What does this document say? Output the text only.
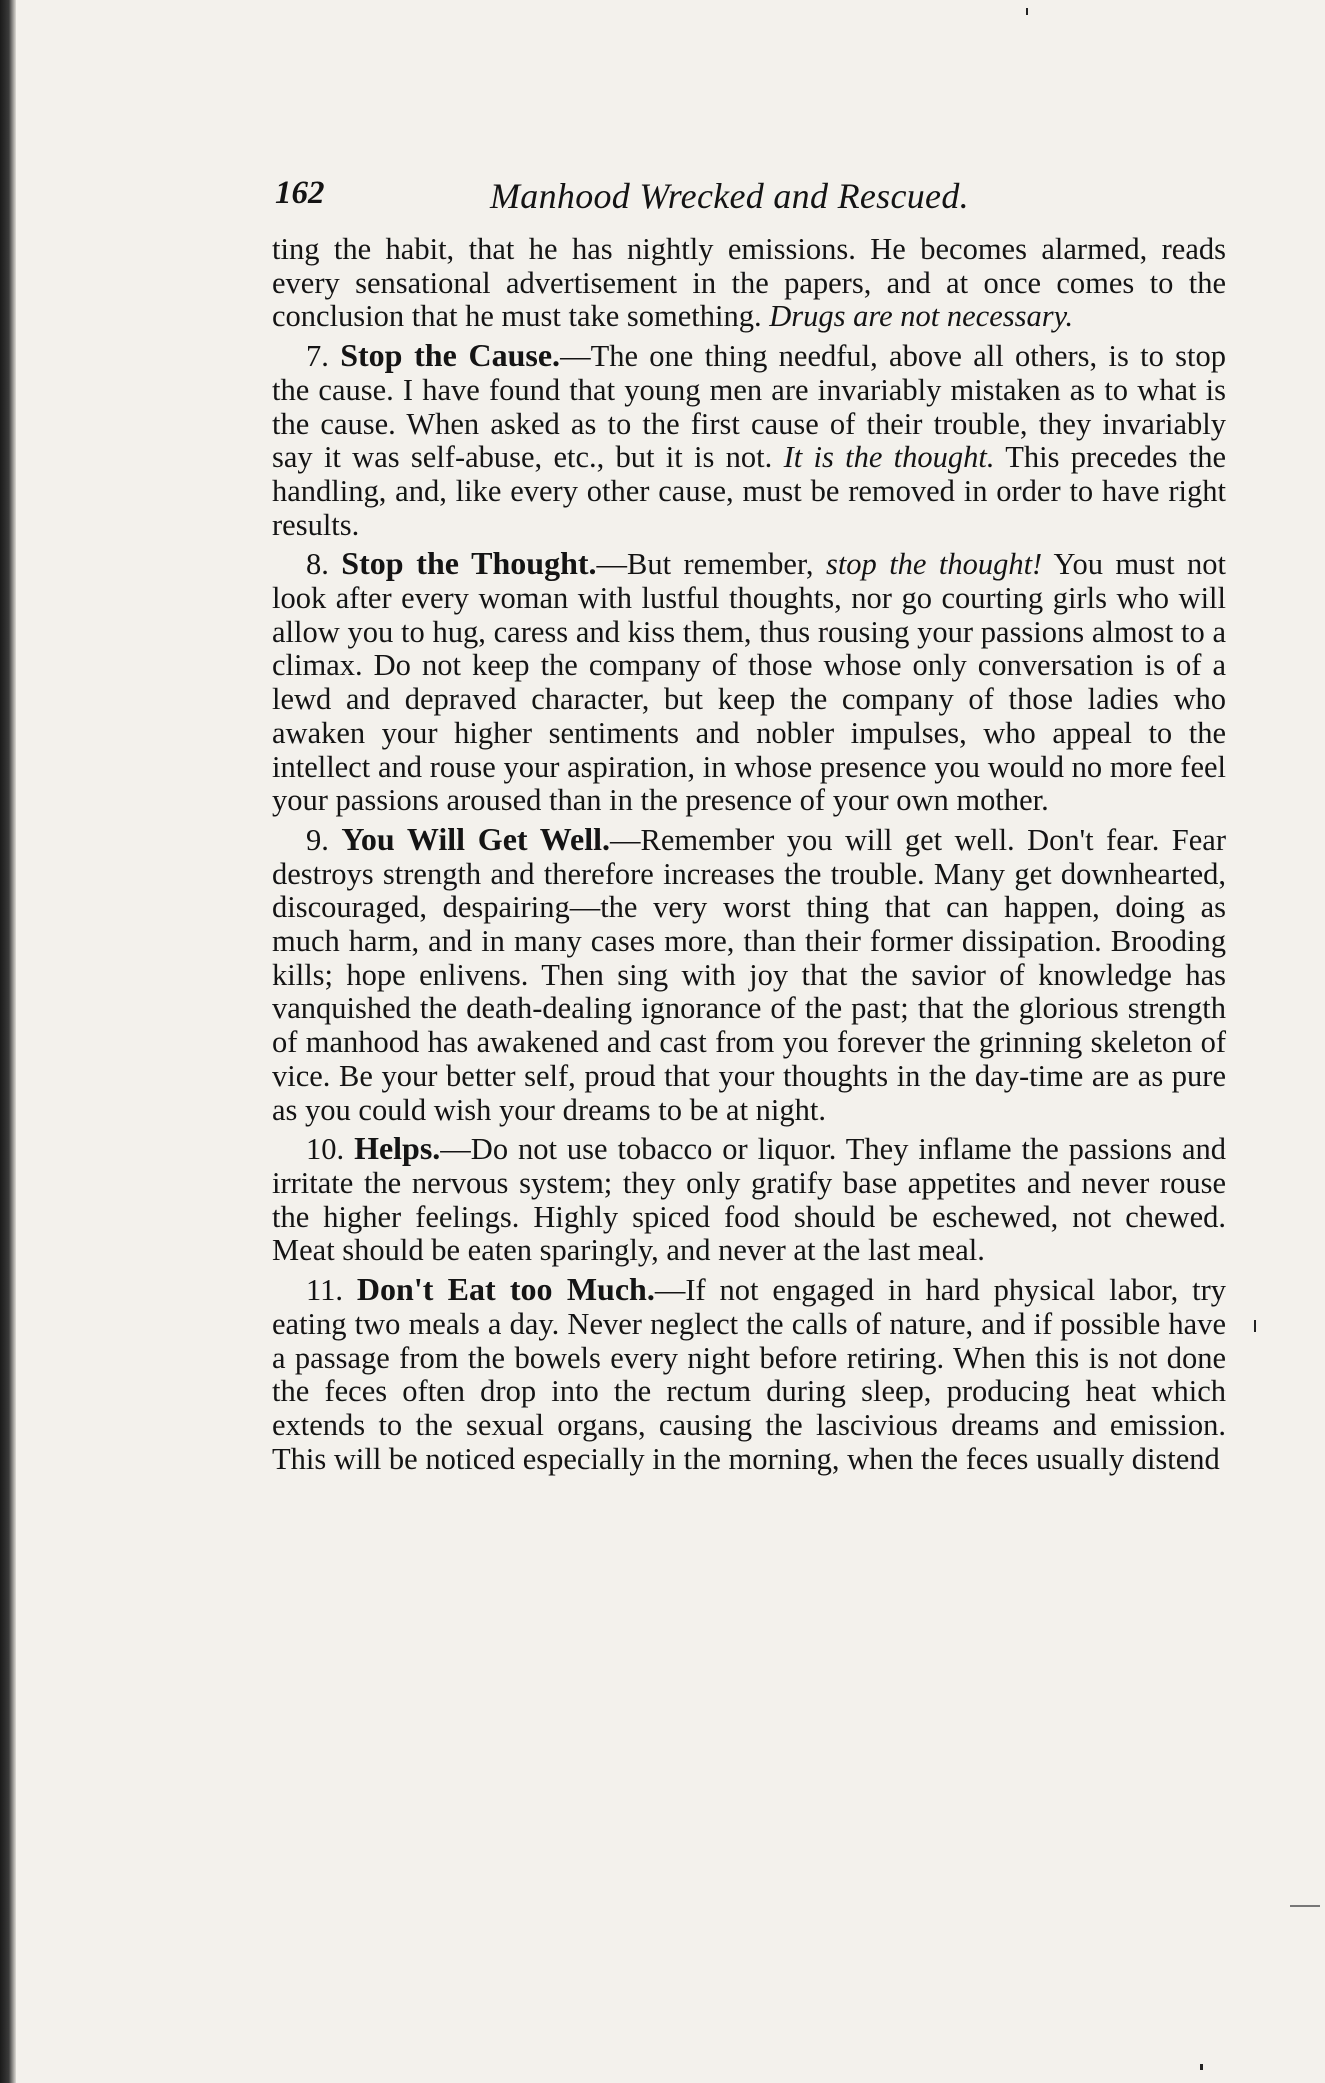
162	Manhood Wrecked and Rescued.

ting the habit, that he has nightly emissions. He becomes alarmed, reads every sensational advertisement in the papers, and at once comes to the conclusion that he must take something. Drugs are not necessary.

7. Stop the Cause.—The one thing needful, above all others, is to stop the cause. I have found that young men are invariably mistaken as to what is the cause. When asked as to the first cause of their trouble, they invariably say it was self-abuse, etc., but it is not. It is the thought. This precedes the handling, and, like every other cause, must be removed in order to have right results.

8. Stop the Thought.—But remember, stop the thought! You must not look after every woman with lustful thoughts, nor go courting girls who will allow you to hug, caress and kiss them, thus rousing your passions almost to a climax. Do not keep the company of those whose only conversation is of a lewd and depraved character, but keep the company of those ladies who awaken your higher sentiments and nobler impulses, who appeal to the intellect and rouse your aspiration, in whose presence you would no more feel your passions aroused than in the presence of your own mother.

9. You Will Get Well.—Remember you will get well. Don't fear. Fear destroys strength and therefore increases the trouble. Many get downhearted, discouraged, despairing—the very worst thing that can happen, doing as much harm, and in many cases more, than their former dissipation. Brooding kills; hope enlivens. Then sing with joy that the savior of knowledge has vanquished the death-dealing ignorance of the past; that the glorious strength of manhood has awakened and cast from you forever the grinning skeleton of vice. Be your better self, proud that your thoughts in the day-time are as pure as you could wish your dreams to be at night.

10. Helps.—Do not use tobacco or liquor. They inflame the passions and irritate the nervous system; they only gratify base appetites and never rouse the higher feelings. Highly spiced food should be eschewed, not chewed. Meat should be eaten sparingly, and never at the last meal.

11. Don't Eat too Much.—If not engaged in hard physical labor, try eating two meals a day. Never neglect the calls of nature, and if possible have a passage from the bowels every night before retiring. When this is not done the feces often drop into the rectum during sleep, producing heat which extends to the sexual organs, causing the lascivious dreams and emission. This will be noticed especially in the morning, when the feces usually distend
